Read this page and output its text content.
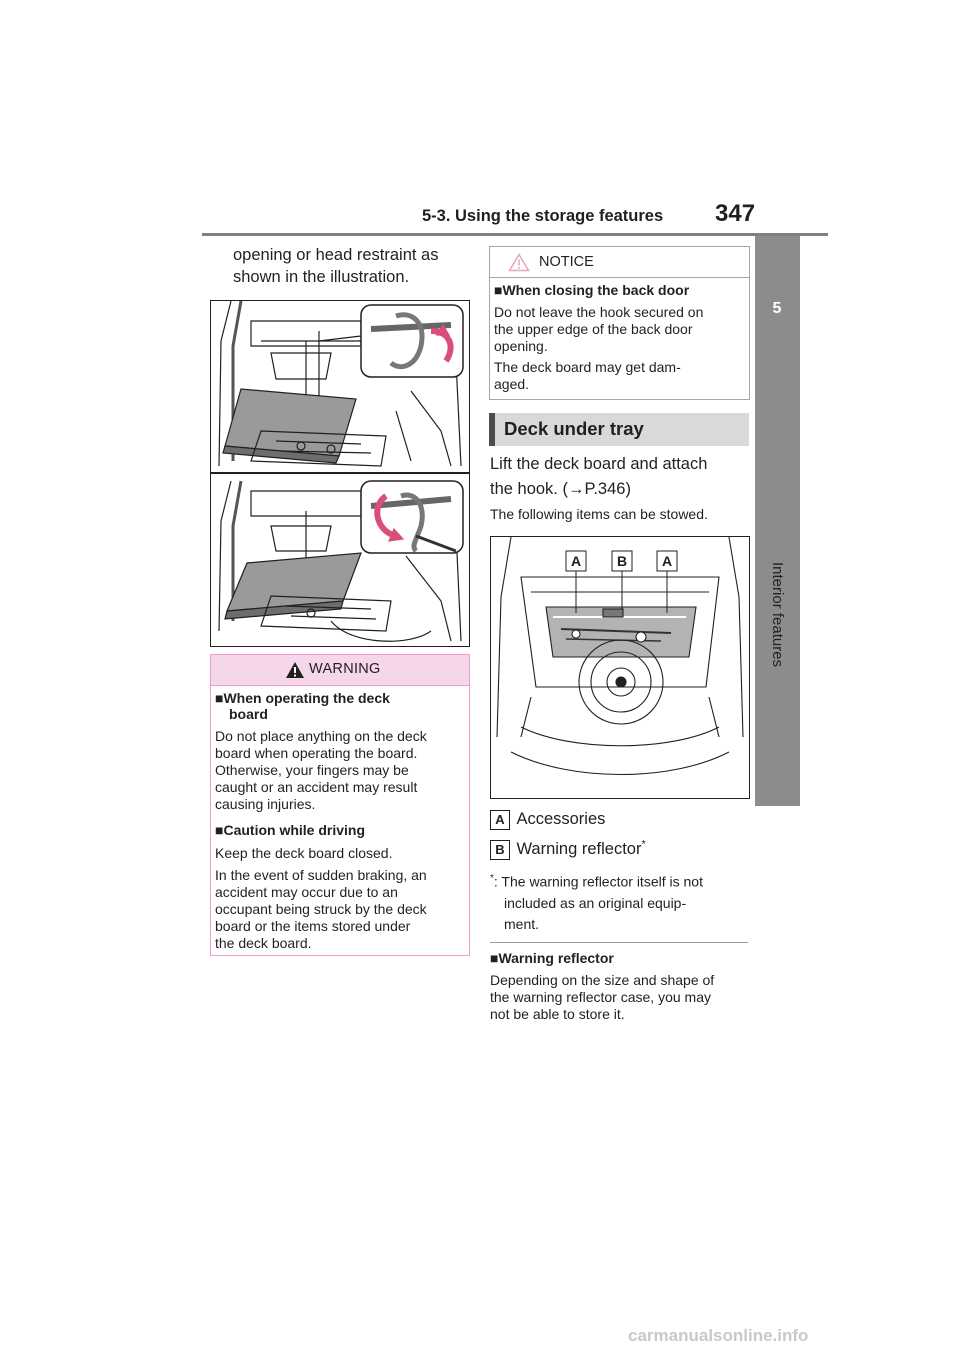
5-3. Using the storage features 347
5
Interior features
opening or head restraint as
shown in the illustration.
WARNING
■When operating the deck
board
Do not place anything on the deck
board when operating the board.
Otherwise, your fingers may be
caught or an accident may result
causing injuries.
■Caution while driving
Keep the deck board closed.
In the event of sudden braking, an
accident may occur due to an
occupant being struck by the deck
board or the items stored under
the deck board.
NOTICE
■When closing the back door
Do not leave the hook secured on
the upper edge of the back door
opening.
The deck board may get dam-
aged.
Deck under tray
Lift the deck board and attach
the hook. (→P.346)
The following items can be stowed.
A	B	A
A Accessories
B Warning reflector*
*: The warning reflector itself is not
included as an original equip-
ment.
■Warning reflector
Depending on the size and shape of
the warning reflector case, you may
not be able to store it.
carmanualsonline.info
